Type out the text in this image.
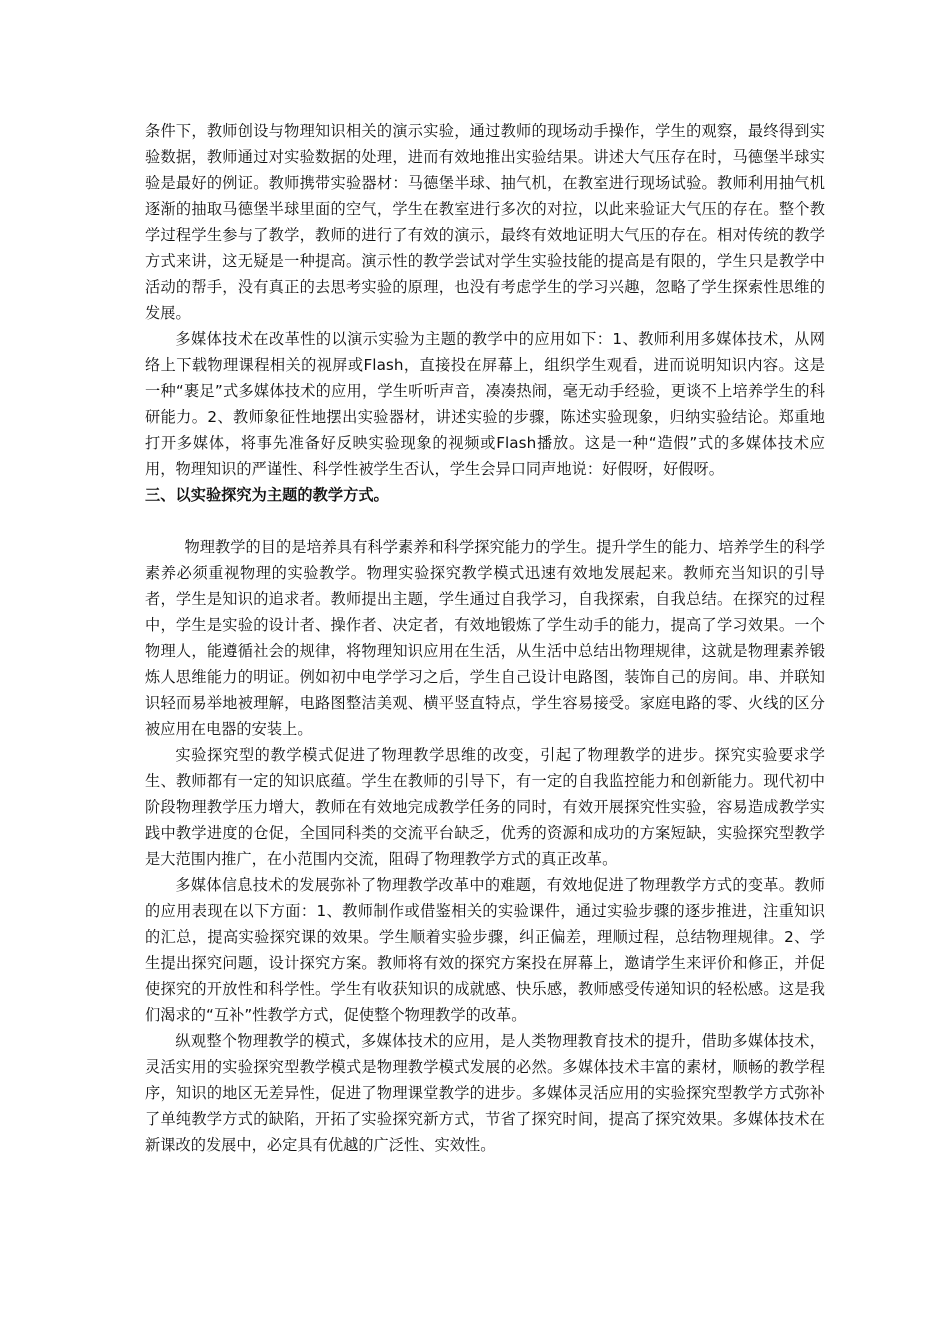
条件下，教师创设与物理知识相关的演示实验，通过教师的现场动手操作，学生的观察，最终得到实验数据，教师通过对实验数据的处理，进而有效地推出实验结果。讲述大气压存在时，马德堡半球实验是最好的例证。教师携带实验器材：马德堡半球、抽气机，在教室进行现场试验。教师利用抽气机逐渐的抽取马德堡半球里面的空气，学生在教室进行多次的对拉，以此来验证大气压的存在。整个教学过程学生参与了教学，教师的进行了有效的演示，最终有效地证明大气压的存在。相对传统的教学方式来讲，这无疑是一种提高。演示性的教学尝试对学生实验技能的提高是有限的，学生只是教学中活动的帮手，没有真正的去思考实验的原理，也没有考虑学生的学习兴趣，忽略了学生探索性思维的发展。

多媒体技术在改革性的以演示实验为主题的教学中的应用如下：1、教师利用多媒体技术，从网络上下载物理课程相关的视屏或Flash，直接投在屏幕上，组织学生观看，进而说明知识内容。这是一种“裹足”式多媒体技术的应用，学生听听声音，凑凑热闹，毫无动手经验，更谈不上培养学生的科研能力。2、教师象征性地摆出实验器材，讲述实验的步骤，陈述实验现象，归纳实验结论。郑重地打开多媒体，将事先准备好反映实验现象的视频或Flash播放。这是一种“造假”式的多媒体技术应用，物理知识的严谨性、科学性被学生否认，学生会异口同声地说：好假呀，好假呀。

三、以实验探究为主题的教学方式。

物理教学的目的是培养具有科学素养和科学探究能力的学生。提升学生的能力、培养学生的科学素养必须重视物理的实验教学。物理实验探究教学模式迅速有效地发展起来。教师充当知识的引导者，学生是知识的追求者。教师提出主题，学生通过自我学习，自我探索，自我总结。在探究的过程中，学生是实验的设计者、操作者、决定者，有效地锻炼了学生动手的能力，提高了学习效果。一个物理人，能遵循社会的规律，将物理知识应用在生活，从生活中总结出物理规律，这就是物理素养锻炼人思维能力的明证。例如初中电学学习之后，学生自己设计电路图，装饰自己的房间。串、并联知识轻而易举地被理解，电路图整洁美观、横平竖直特点，学生容易接受。家庭电路的零、火线的区分被应用在电器的安装上。

实验探究型的教学模式促进了物理教学思维的改变，引起了物理教学的进步。探究实验要求学生、教师都有一定的知识底蕴。学生在教师的引导下，有一定的自我监控能力和创新能力。现代初中阶段物理教学压力增大，教师在有效地完成教学任务的同时，有效开展探究性实验，容易造成教学实践中教学进度的仓促，全国同科类的交流平台缺乏，优秀的资源和成功的方案短缺，实验探究型教学是大范围内推广，在小范围内交流，阻碍了物理教学方式的真正改革。

多媒体信息技术的发展弥补了物理教学改革中的难题，有效地促进了物理教学方式的变革。教师的应用表现在以下方面：1、教师制作或借鉴相关的实验课件，通过实验步骤的逐步推进，注重知识的汇总，提高实验探究课的效果。学生顺着实验步骤，纠正偏差，理顺过程，总结物理规律。2、学生提出探究问题，设计探究方案。教师将有效的探究方案投在屏幕上，邀请学生来评价和修正，并促使探究的开放性和科学性。学生有收获知识的成就感、快乐感，教师感受传递知识的轻松感。这是我们渴求的“互补”性教学方式，促使整个物理教学的改革。

纵观整个物理教学的模式，多媒体技术的应用，是人类物理教育技术的提升，借助多媒体技术，灵活实用的实验探究型教学模式是物理教学模式发展的必然。多媒体技术丰富的素材，顺畅的教学程序，知识的地区无差异性，促进了物理课堂教学的进步。多媒体灵活应用的实验探究型教学方式弥补了单纯教学方式的缺陷，开拓了实验探究新方式，节省了探究时间，提高了探究效果。多媒体技术在新课改的发展中，必定具有优越的广泛性、实效性。
